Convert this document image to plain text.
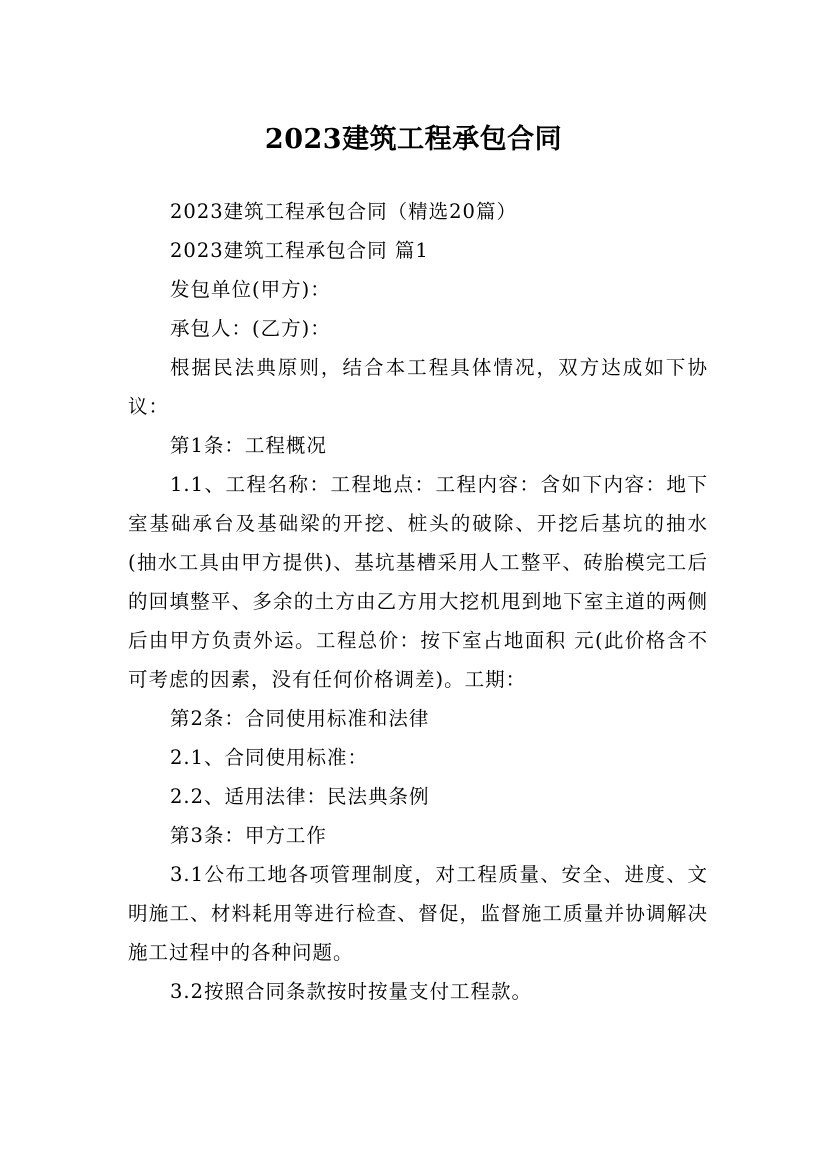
2023建筑工程承包合同

2023建筑工程承包合同（精选20篇）

2023建筑工程承包合同 篇1

发包单位(甲方)：

承包人：(乙方)：

根据民法典原则，结合本工程具体情况，双方达成如下协议：

第1条：工程概况

1.1、工程名称：工程地点：工程内容：含如下内容：地下室基础承台及基础梁的开挖、桩头的破除、开挖后基坑的抽水(抽水工具由甲方提供)、基坑基槽采用人工整平、砖胎模完工后的回填整平、多余的土方由乙方用大挖机甩到地下室主道的两侧后由甲方负责外运。工程总价：按下室占地面积 元(此价格含不可考虑的因素，没有任何价格调差)。工期：

第2条：合同使用标准和法律

2.1、合同使用标准：

2.2、适用法律：民法典条例

第3条：甲方工作

3.1公布工地各项管理制度，对工程质量、安全、进度、文明施工、材料耗用等进行检查、督促，监督施工质量并协调解决施工过程中的各种问题。

3.2按照合同条款按时按量支付工程款。
